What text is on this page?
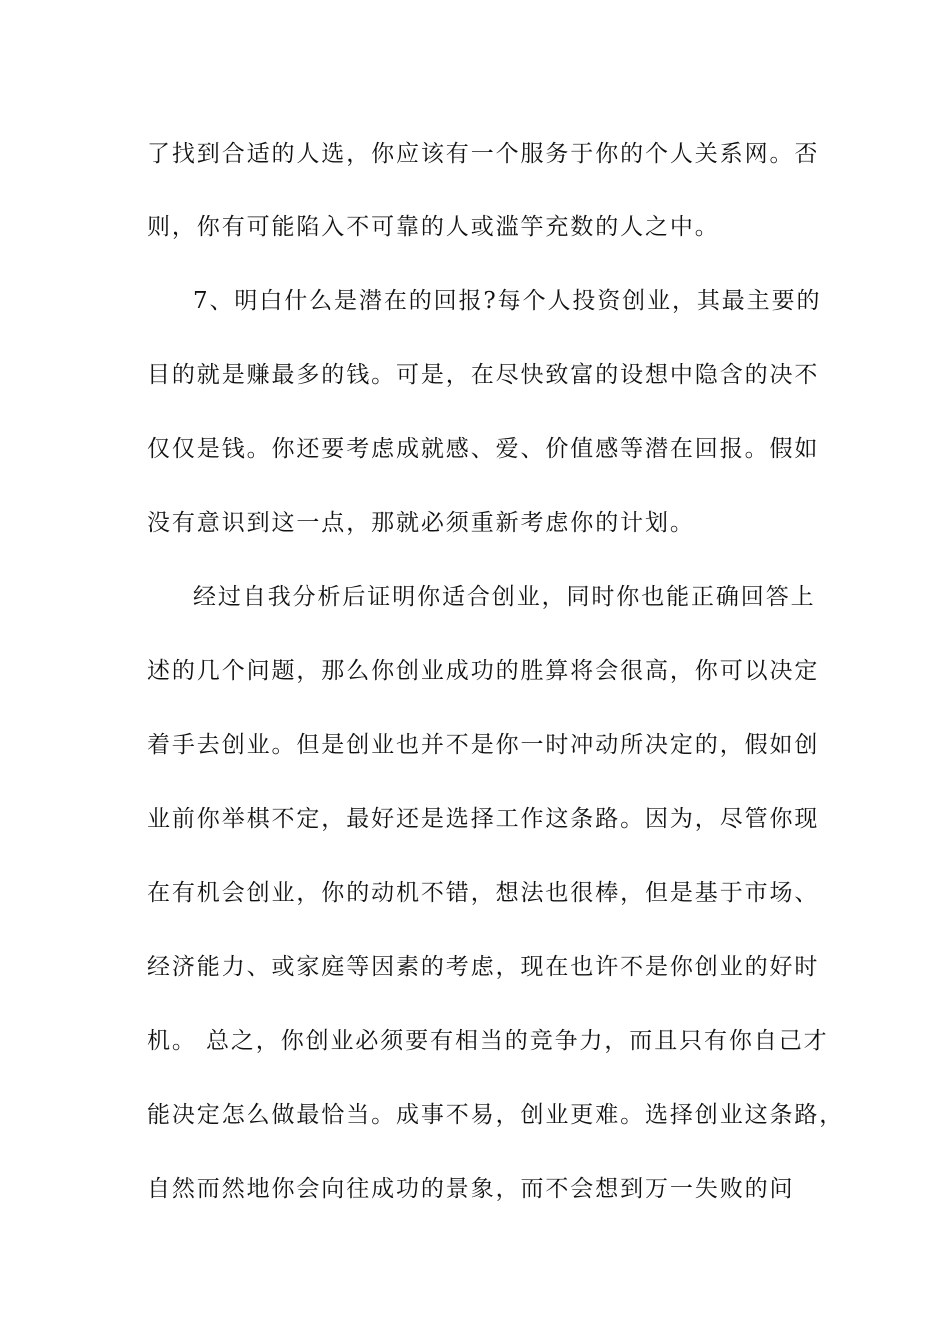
了找到合适的人选，你应该有一个服务于你的个人关系网。否
则，你有可能陷入不可靠的人或滥竽充数的人之中。
7、明白什么是潜在的回报?每个人投资创业，其最主要的
目的就是赚最多的钱。可是，在尽快致富的设想中隐含的决不
仅仅是钱。你还要考虑成就感、爱、价值感等潜在回报。假如
没有意识到这一点，那就必须重新考虑你的计划。
经过自我分析后证明你适合创业，同时你也能正确回答上
述的几个问题，那么你创业成功的胜算将会很高，你可以决定
着手去创业。但是创业也并不是你一时冲动所决定的，假如创
业前你举棋不定，最好还是选择工作这条路。因为，尽管你现
在有机会创业，你的动机不错，想法也很棒，但是基于市场、
经济能力、或家庭等因素的考虑，现在也许不是你创业的好时
机。 总之，你创业必须要有相当的竞争力，而且只有你自己才
能决定怎么做最恰当。成事不易，创业更难。选择创业这条路，
自然而然地你会向往成功的景象，而不会想到万一失败的问
